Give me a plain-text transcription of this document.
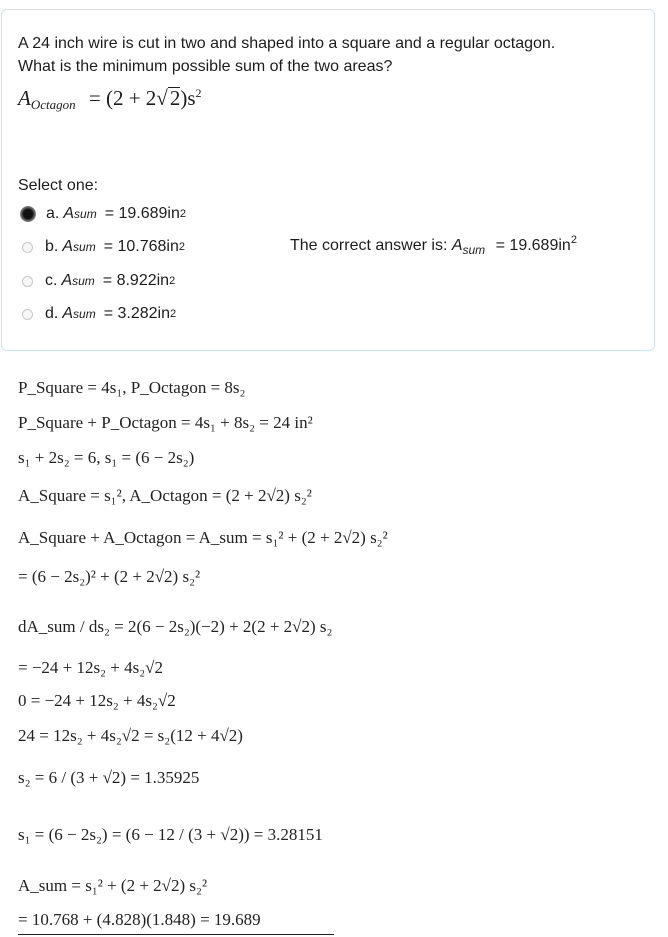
A 24 inch wire is cut in two and shaped into a square and a regular octagon.
What is the minimum possible sum of the two areas?
$A_{Octagon} = (2 + 2√2)s^2$
Select one:
a. A sum = 19.689in 2
b. A sum = 10.768in 2
c. A sum = 8.922in 2
d. A sum = 3.282in 2
The correct answer is: $A_{sum} = 19.689in^2$
P_Square = 4s₁, P_Octagon = 8s₂
P_Square + P_Octagon = 4s₁ + 8s₂ = 24 in²
s₁ + 2s₂ = 6, s₁ = (6 − 2s₂)
A_Square = s₁², A_Octagon = (2 + 2√2) s₂²
A_Square + A_Octagon = A_sum = s₁² + (2 + 2√2) s₂²
= (6 − 2s₂)² + (2 + 2√2) s₂²
dA_sum / ds₂ = 2(6 − 2s₂)(−2) + 2(2 + 2√2) s₂
= −24 + 12s₂ + 4s₂√2
0 = −24 + 12s₂ + 4s₂√2
24 = 12s₂ + 4s₂√2 = s₂(12 + 4√2)
s₂ = 6 / (3 + √2) = 1.35925
s₁ = (6 − 2s₂) = (6 − 12 / (3 + √2)) = 3.28151
A_sum = s₁² + (2 + 2√2) s₂²
= 10.768 + (4.828)(1.848) = 19.689
